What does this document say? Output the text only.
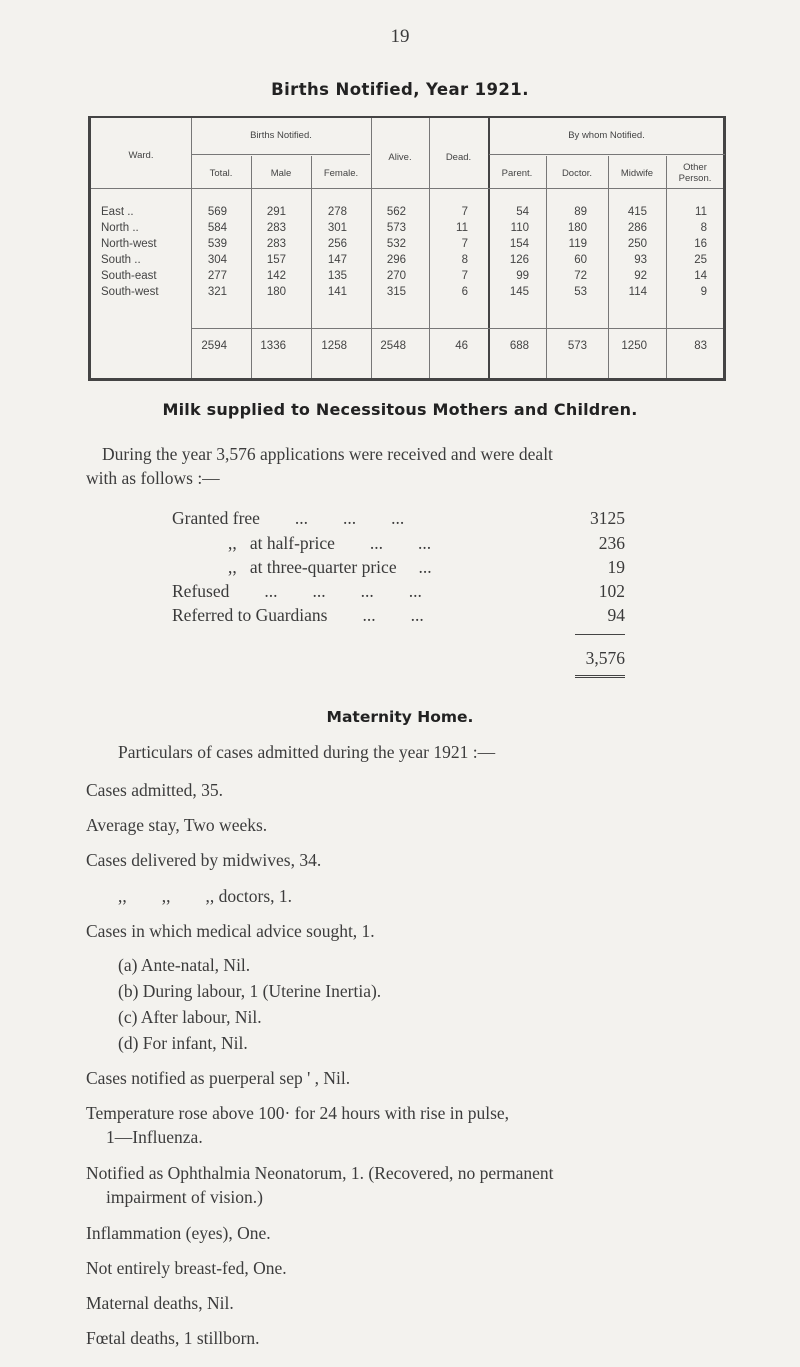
19
Births Notified, Year 1921.
Ward.
Births Notified.
Total.	Male	Female.
Alive.	Dead.
By whom Notified.
Parent.	Doctor.	Midwife
Other Person.
East ..	569	291	278	562	7	54	89	415	11
North ..	584	283	301	573	11	110	180	286	8
North-west	539	283	256	532	7	154	119	250	16
South ..	304	157	147	296	8	126	60	93	25
South-east	277	142	135	270	7	99	72	92	14
South-west	321	180	141	315	6	145	53	114	9
2594	1336	1258	2548	46	688	573	1250	83
Milk supplied to Necessitous Mothers and Children.
During the year 3,576 applications were received and were dealt
with as follows :—
Granted free        ...        ...        ...	3125
,,   at half-price        ...        ...	236
,,   at three-quarter price     ...	19
Refused        ...        ...        ...        ...	102
Referred to Guardians        ...        ...	94
3,576
Maternity Home.
Particulars of cases admitted during the year 1921 :—
Cases admitted, 35.
Average stay, Two weeks.
Cases delivered by midwives, 34.
,,        ,,        ,, doctors, 1.
Cases in which medical advice sought, 1.
(a) Ante-natal, Nil.
(b) During labour, 1 (Uterine Inertia).
(c) After labour, Nil.
(d) For infant, Nil.
Cases notified as puerperal sep ' , Nil.
Temperature rose above 100· for 24 hours with rise in pulse,
1—Influenza.
Notified as Ophthalmia Neonatorum, 1. (Recovered, no permanent
impairment of vision.)
Inflammation (eyes), One.
Not entirely breast-fed, One.
Maternal deaths, Nil.
Fœtal deaths, 1 stillborn.
